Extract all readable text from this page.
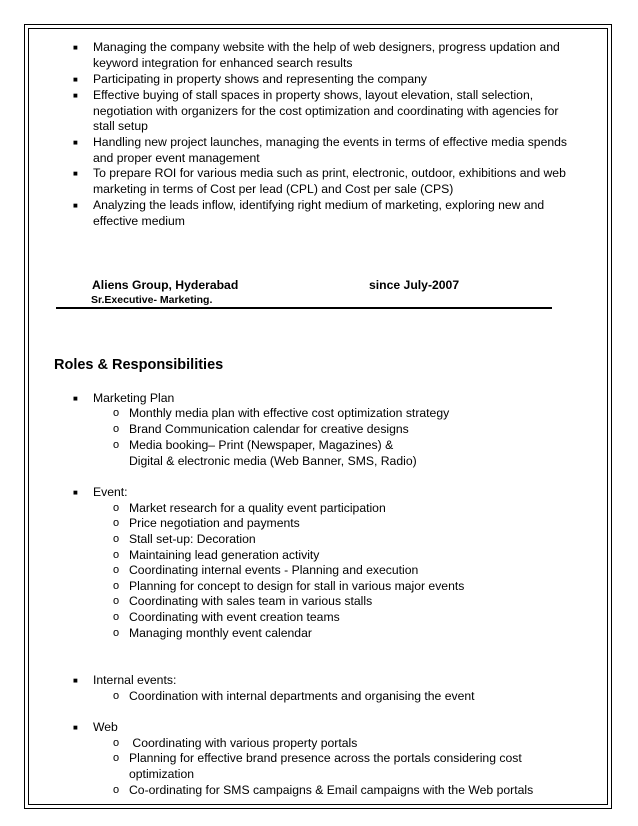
■ Managing the company website with the help of web designers, progress updation and
keyword integration for enhanced search results
■ Participating in property shows and representing the company
■ Effective buying of stall spaces in property shows, layout elevation, stall selection,
negotiation with organizers for the cost optimization and coordinating with agencies for
stall setup
■ Handling new project launches, managing the events in terms of effective media spends
and proper event management
■ To prepare ROI for various media such as print, electronic, outdoor, exhibitions and web
marketing in terms of Cost per lead (CPL) and Cost per sale (CPS)
■ Analyzing the leads inflow, identifying right medium of marketing, exploring new and
effective medium
Aliens Group, Hyderabad	since July-2007
Sr.Executive- Marketing.
Roles & Responsibilities
■ Marketing Plan
o Monthly media plan with effective cost optimization strategy
o Brand Communication calendar for creative designs
o Media booking– Print (Newspaper, Magazines) &
Digital & electronic media (Web Banner, SMS, Radio)
■ Event:
o Market research for a quality event participation
o Price negotiation and payments
o Stall set-up: Decoration
o Maintaining lead generation activity
o Coordinating internal events - Planning and execution
o Planning for concept to design for stall in various major events
o Coordinating with sales team in various stalls
o Coordinating with event creation teams
o Managing monthly event calendar
■ Internal events:
o Coordination with internal departments and organising the event
■ Web
o Coordinating with various property portals
o Planning for effective brand presence across the portals considering cost
optimization
o Co-ordinating for SMS campaigns & Email campaigns with the Web portals
